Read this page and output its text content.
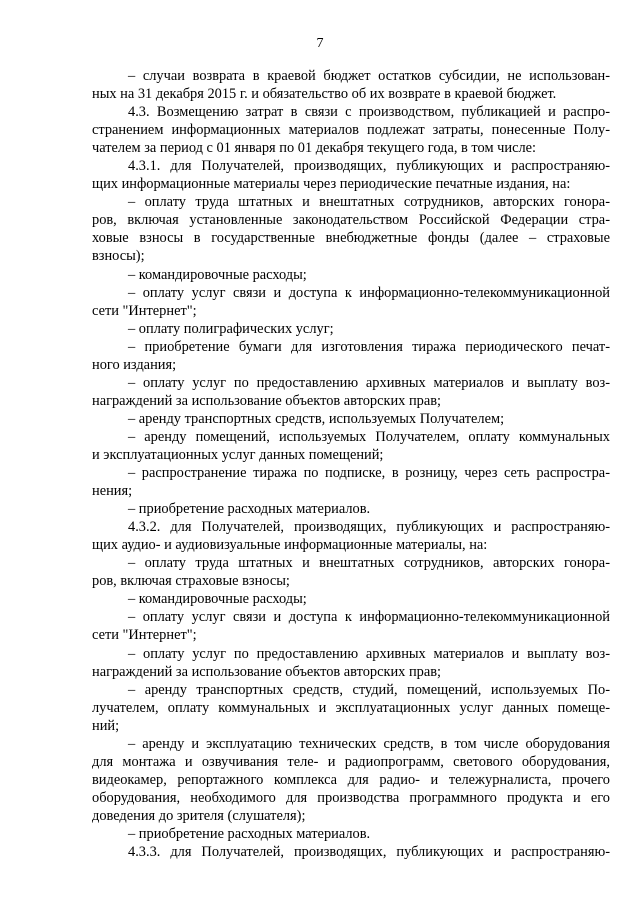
7
– случаи возврата в краевой бюджет остатков субсидии, не использован-
ных на 31 декабря 2015 г. и обязательство об их возврате в краевой бюджет.
4.3. Возмещению затрат в связи с производством, публикацией и распро-
странением информационных материалов подлежат затраты, понесенные Полу-
чателем за период с 01 января по 01 декабря текущего года, в том числе:
4.3.1. для Получателей, производящих, публикующих и распространяю-
щих информационные материалы через периодические печатные издания, на:
– оплату труда штатных и внештатных сотрудников, авторских гонора-
ров, включая установленные законодательством Российской Федерации стра-
ховые взносы в государственные внебюджетные фонды (далее – страховые
взносы);
– командировочные расходы;
– оплату услуг связи и доступа к информационно-телекоммуникационной
сети "Интернет";
– оплату полиграфических услуг;
– приобретение бумаги для изготовления тиража периодического печат-
ного издания;
– оплату услуг по предоставлению архивных материалов и выплату воз-
награждений за использование объектов авторских прав;
– аренду транспортных средств, используемых Получателем;
– аренду помещений, используемых Получателем, оплату коммунальных
и эксплуатационных услуг данных помещений;
– распространение тиража по подписке, в розницу, через сеть распростра-
нения;
– приобретение расходных материалов.
4.3.2. для Получателей, производящих, публикующих и распространяю-
щих аудио- и аудиовизуальные информационные материалы, на:
– оплату труда штатных и внештатных сотрудников, авторских гонора-
ров, включая страховые взносы;
– командировочные расходы;
– оплату услуг связи и доступа к информационно-телекоммуникационной
сети "Интернет";
– оплату услуг по предоставлению архивных материалов и выплату воз-
награждений за использование объектов авторских прав;
– аренду транспортных средств, студий, помещений, используемых По-
лучателем, оплату коммунальных и эксплуатационных услуг данных помеще-
ний;
– аренду и эксплуатацию технических средств, в том числе оборудования
для монтажа и озвучивания теле- и радиопрограмм, светового оборудования,
видеокамер, репортажного комплекса для радио- и тележурналиста, прочего
оборудования, необходимого для производства программного продукта и его
доведения до зрителя (слушателя);
– приобретение расходных материалов.
4.3.3. для Получателей, производящих, публикующих и распространяю-
